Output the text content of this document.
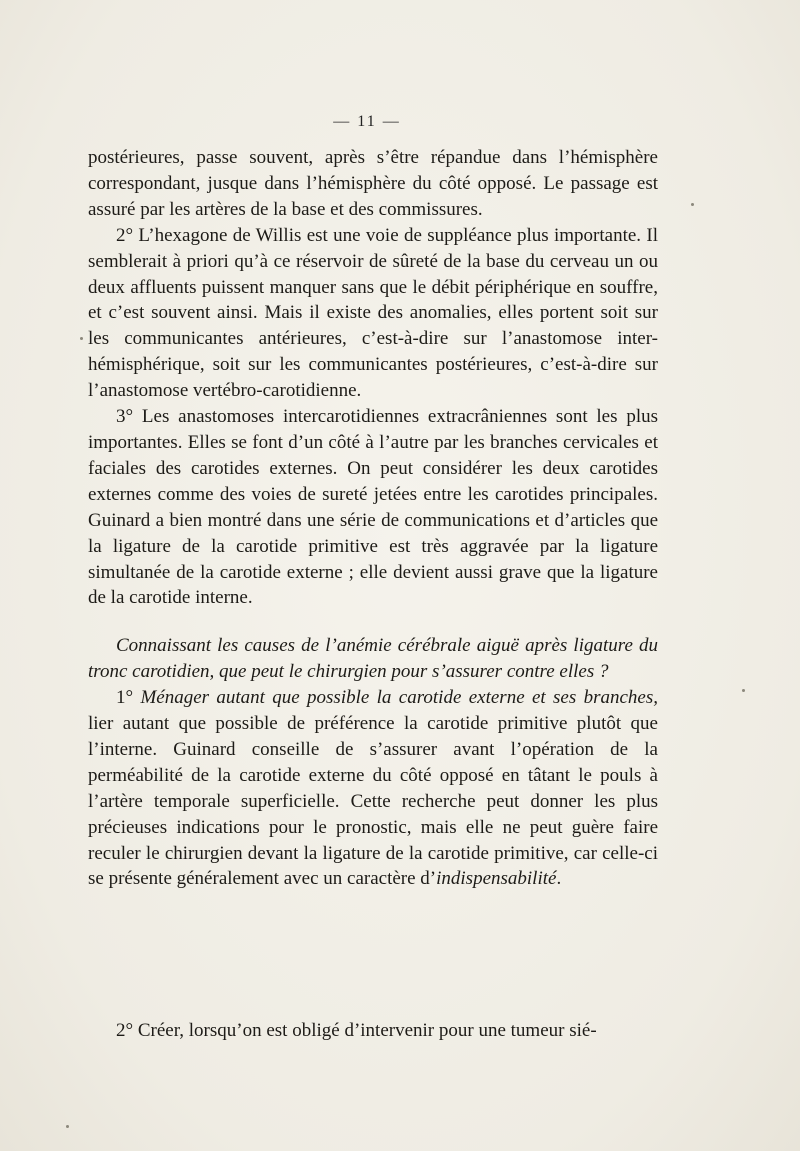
— 11 —

postérieures, passe souvent, après s’être répandue dans l’hémisphère correspondant, jusque dans l’hémisphère du côté opposé. Le passage est assuré par les artères de la base et des commissures.

2° L’hexagone de Willis est une voie de suppléance plus importante. Il semblerait à priori qu’à ce réservoir de sûreté de la base du cerveau un ou deux affluents puissent manquer sans que le débit périphérique en souffre, et c’est souvent ainsi. Mais il existe des anomalies, elles portent soit sur les communicantes antérieures, c’est-à-dire sur l’anastomose inter-hémisphérique, soit sur les communicantes postérieures, c’est-à-dire sur l’anastomose vertébro-carotidienne.

3° Les anastomoses intercarotidiennes extracrâniennes sont les plus importantes. Elles se font d’un côté à l’autre par les branches cervicales et faciales des carotides externes. On peut considérer les deux carotides externes comme des voies de sureté jetées entre les carotides principales. Guinard a bien montré dans une série de communications et d’articles que la ligature de la carotide primitive est très aggravée par la ligature simultanée de la carotide externe ; elle devient aussi grave que la ligature de la carotide interne.

Connaissant les causes de l’anémie cérébrale aiguë après ligature du tronc carotidien, que peut le chirurgien pour s’assurer contre elles ?

1° Ménager autant que possible la carotide externe et ses branches, lier autant que possible de préférence la carotide primitive plutôt que l’interne. Guinard conseille de s’assurer avant l’opération de la perméabilité de la carotide externe du côté opposé en tâtant le pouls à l’artère temporale superficielle. Cette recherche peut donner les plus précieuses indications pour le pronostic, mais elle ne peut guère faire reculer le chirurgien devant la ligature de la carotide primitive, car celle-ci se présente généralement avec un caractère d’indispensabilité.

2° Créer, lorsqu’on est obligé d’intervenir pour une tumeur sié-
